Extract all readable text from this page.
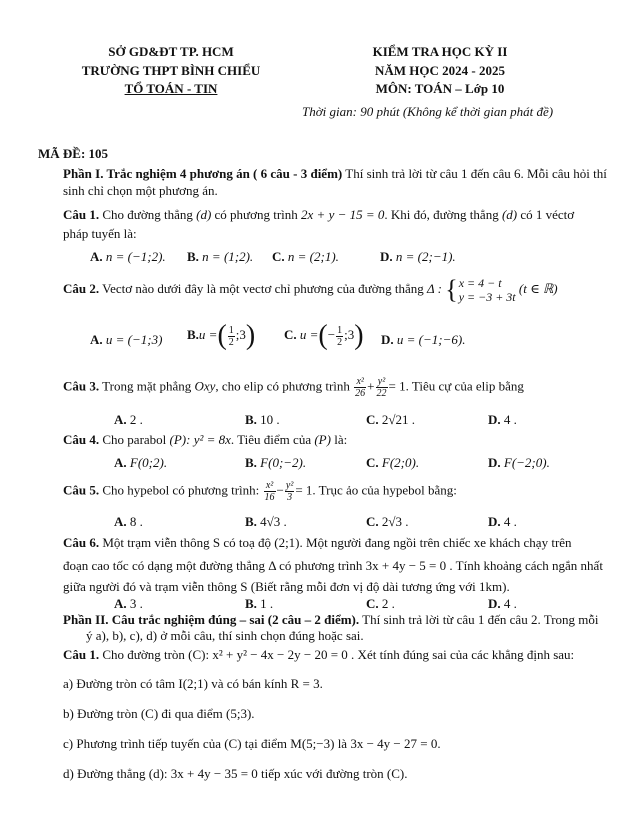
SỞ GD&ĐT TP. HCM
TRƯỜNG THPT BÌNH CHIỂU
TỔ TOÁN - TIN
KIỂM TRA HỌC KỲ II
NĂM HỌC 2024 - 2025
MÔN: TOÁN – Lớp 10
Thời gian: 90 phút (Không kể thời gian phát đề)
MÃ ĐỀ: 105
Phần I. Trắc nghiệm 4 phương án ( 6 câu - 3 điểm) Thí sinh trả lời từ câu 1 đến câu 6. Mỗi câu hỏi thí
sinh chỉ chọn một phương án.
Câu 1. Cho đường thẳng (d) có phương trình 2x + y − 15 = 0. Khi đó, đường thẳng (d) có 1 véctơ
pháp tuyến là:
A. n = (−1;2). B. n = (1;2). C. n = (2;1).	D. n = (2;−1).
Câu 2. Vectơ nào dưới đây là một vectơ chỉ phương của đường thẳng Δ : { x = 4 − t
y = −3 + 3t
(t ∈ ℝ)
A. u = (−1;3) B.u =( $\frac{1}{2}$ ;3) C. u =(− $\frac{1}{2}$ ;3) D. u = (−1;−6).
Câu 3. Trong mặt phẳng Oxy, cho elip có phương trình $\frac{\text{x²}}{26} + \frac{\text{y²}}{22} = 1$. Tiêu cự của elip bằng
A. 2 .	B. 10 .	C. 2√21 .	D. 4 .
Câu 4. Cho parabol (P): y² = 8x. Tiêu điểm của (P) là:
A. F(0;2).	B. F(0;−2).	C. F(2;0).	D. F(−2;0).
Câu 5. Cho hypebol có phương trình: $\frac{\text{x²}}{16} - \frac{\text{y²}}{3} = 1$. Trục ảo của hypebol bằng:
A. 8 .	B. 4√3 .	C. 2√3 .	D. 4 .
Câu 6. Một trạm viễn thông S có toạ độ (2;1). Một người đang ngồi trên chiếc xe khách chạy trên
đoạn cao tốc có dạng một đường thẳng Δ có phương trình 3x + 4y − 5 = 0 . Tính khoảng cách ngắn nhất
giữa người đó và trạm viễn thông S (Biết rằng mỗi đơn vị độ dài tương ứng với 1km).
A. 3 .	B. 1 .	C. 2 .	D. 4 .
Phần II. Câu trắc nghiệm đúng – sai (2 câu – 2 điểm). Thí sinh trả lời từ câu 1 đến câu 2. Trong mỗi
ý a), b), c), d) ở mỗi câu, thí sinh chọn đúng hoặc sai.
Câu 1. Cho đường tròn (C): x² + y² − 4x − 2y − 20 = 0 . Xét tính đúng sai của các khẳng định sau:
a) Đường tròn có tâm I(2;1) và có bán kính R = 3.
b) Đường tròn (C) đi qua điểm (5;3).
c) Phương trình tiếp tuyến của (C) tại điểm M(5;−3) là 3x − 4y − 27 = 0.
d) Đường thẳng (d): 3x + 4y − 35 = 0 tiếp xúc với đường tròn (C).
